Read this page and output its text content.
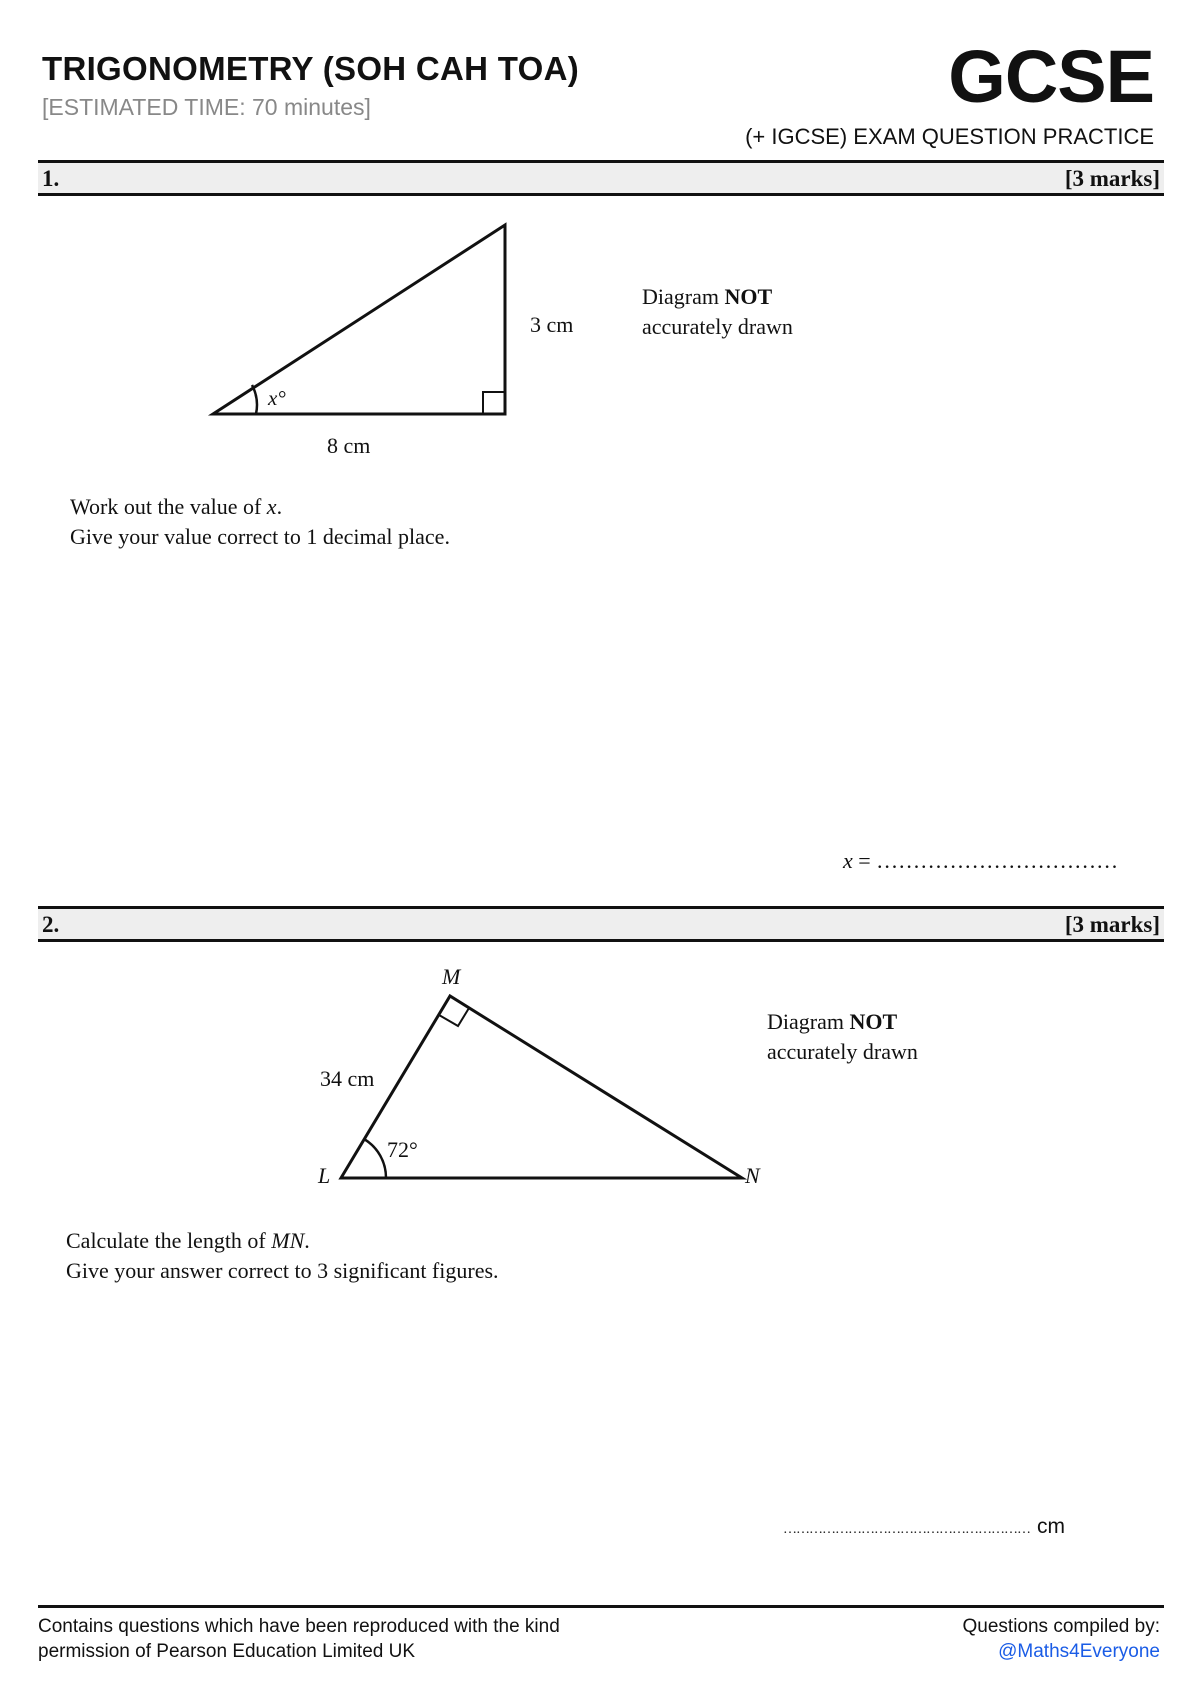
TRIGONOMETRY (SOH CAH TOA)
[ESTIMATED TIME: 70 minutes]	GCSE
(+ IGCSE) EXAM QUESTION PRACTICE
1.	[3 marks]
3 cm
8 cm
x°
Diagram NOT
accurately drawn
Work out the value of x.
Give your value correct to 1 decimal place.
x = ……………………………
2.	[3 marks]
M
L	N
34 cm
72°
Diagram NOT
accurately drawn
Calculate the length of MN.
Give your answer correct to 3 significant figures.
………………………………………………… cm
Contains questions which have been reproduced with the kind
permission of Pearson Education Limited UK
Questions compiled by:
@Maths4Everyone
